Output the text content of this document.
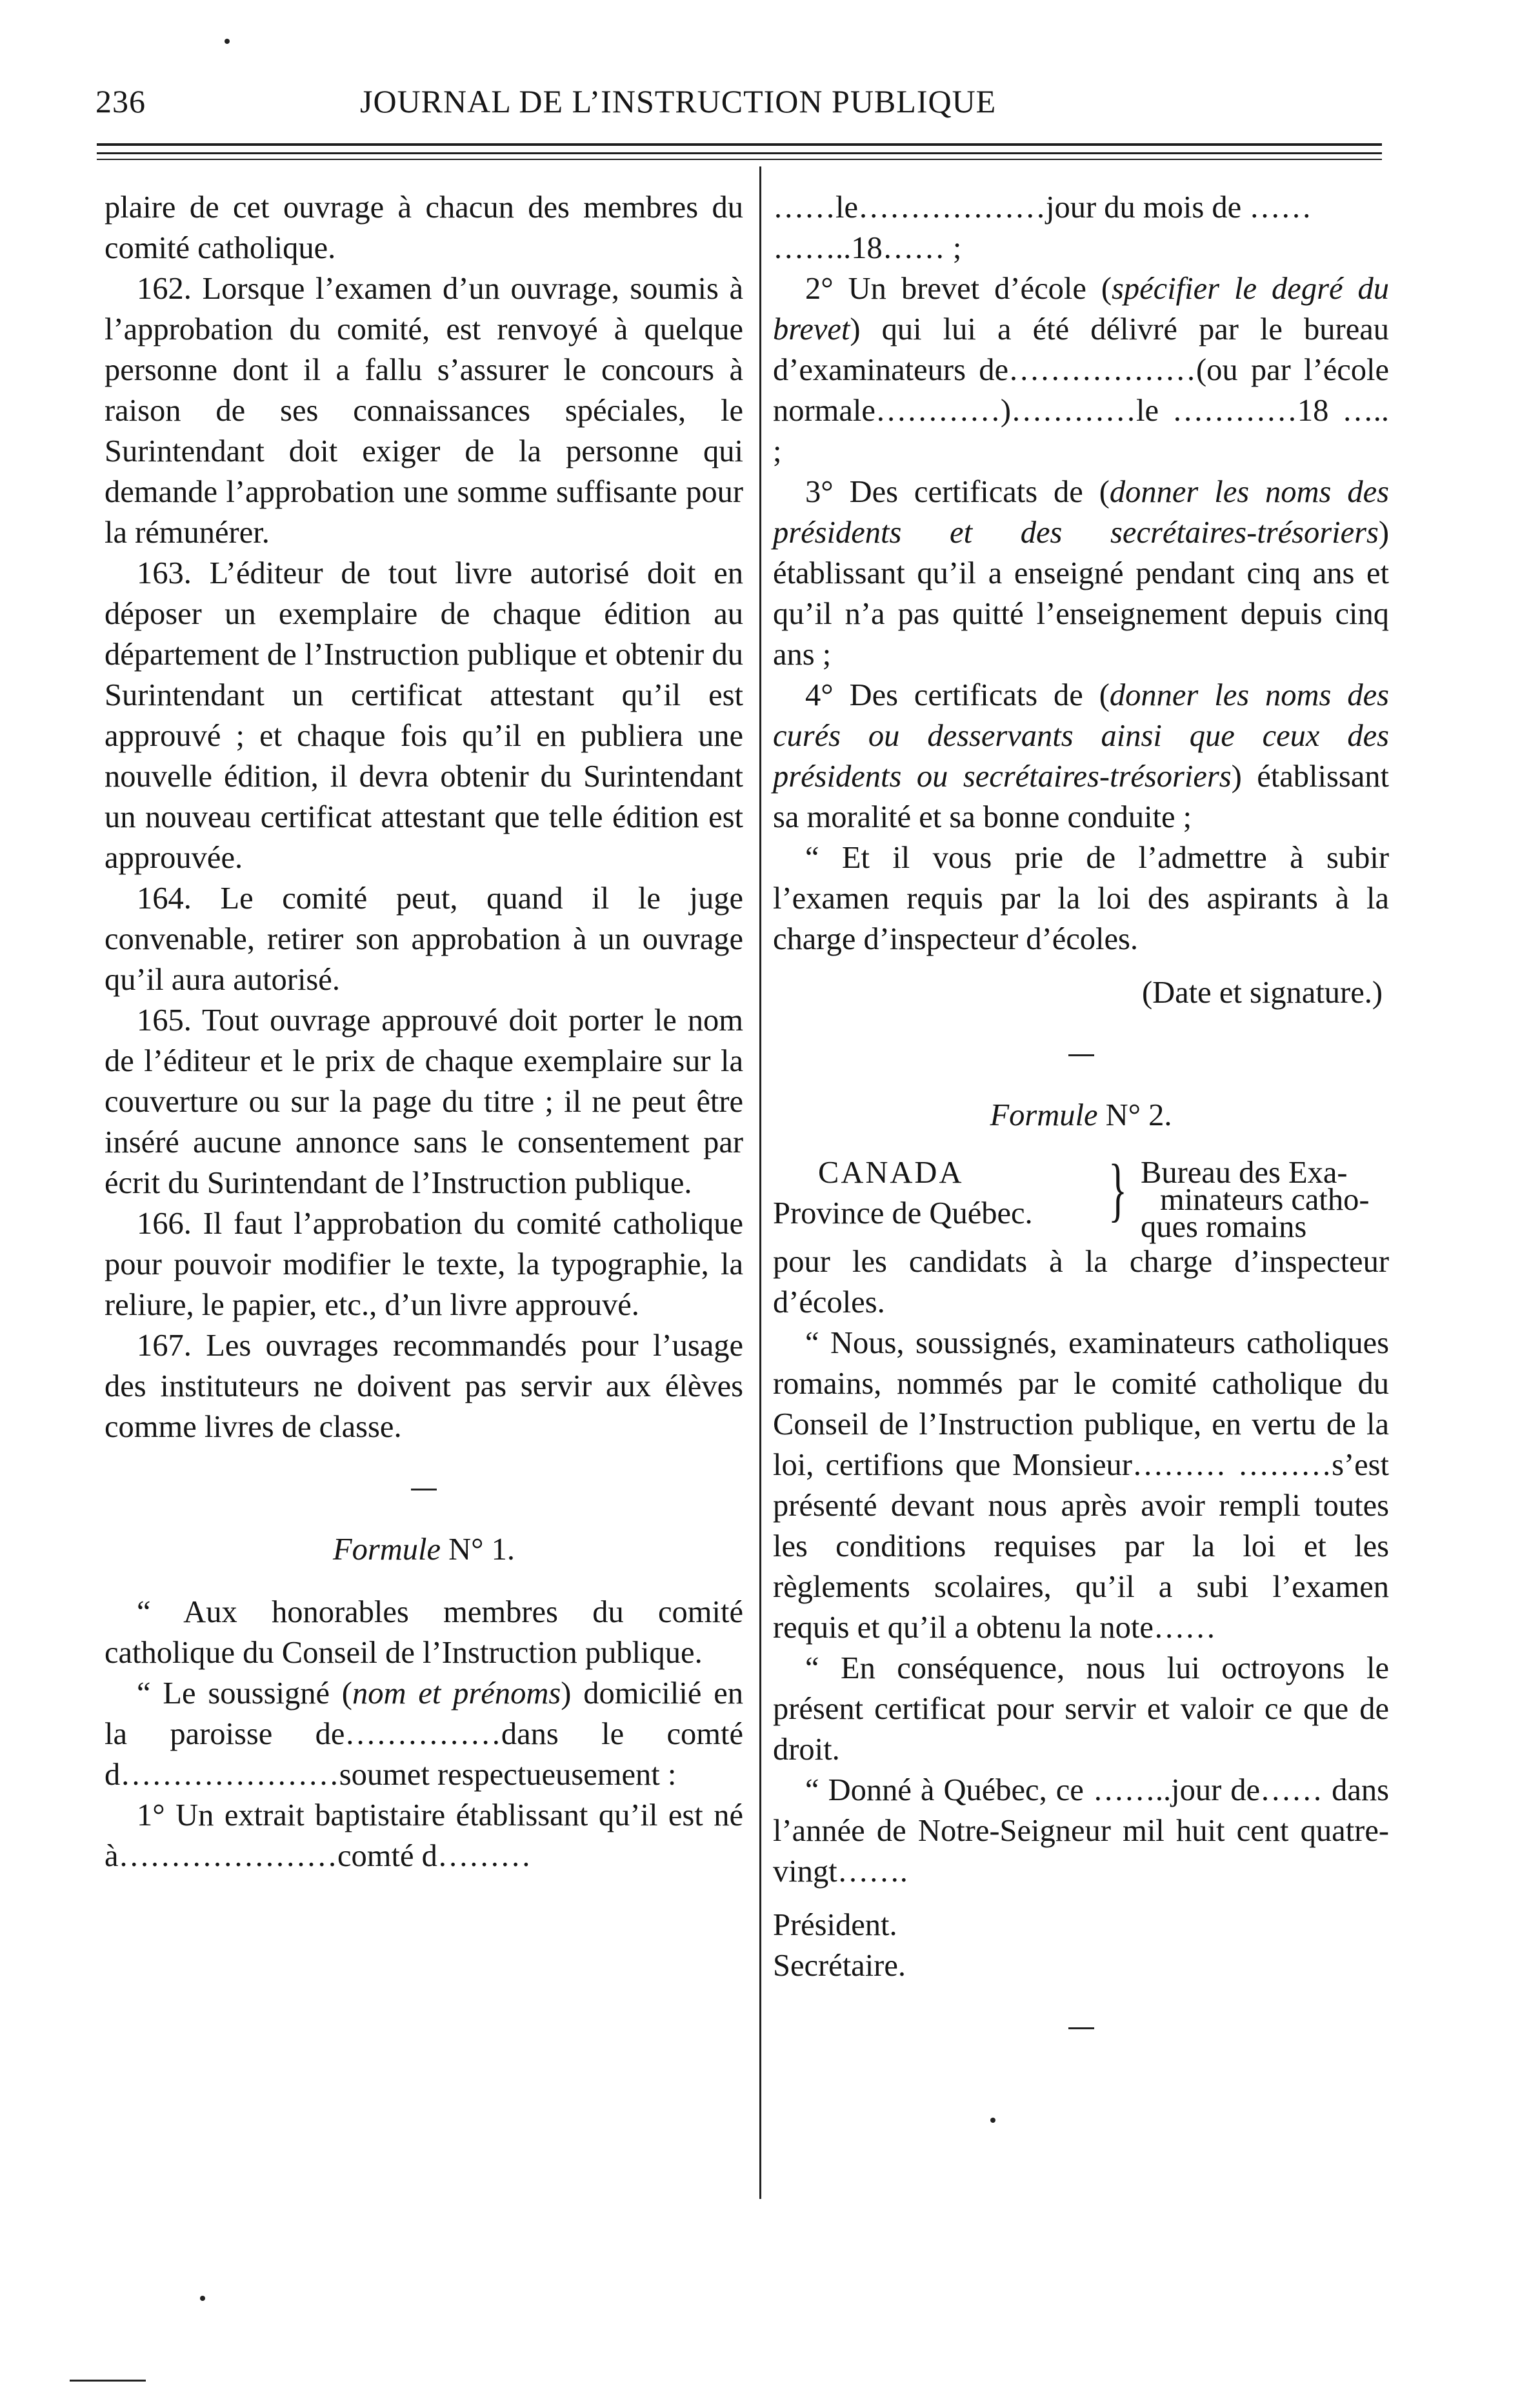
236	JOURNAL DE L’INSTRUCTION PUBLIQUE

plaire de cet ouvrage à chacun des membres du comité catholique.

162. Lorsque l’examen d’un ouvrage, soumis à l’approbation du comité, est renvoyé à quelque personne dont il a fallu s’assurer le concours à raison de ses connaissances spéciales, le Surintendant doit exiger de la personne qui demande l’approbation une somme suffisante pour la rémunérer.

163. L’éditeur de tout livre autorisé doit en déposer un exemplaire de chaque édition au département de l’Instruction publique et obtenir du Surintendant un certificat attestant qu’il est approuvé ; et chaque fois qu’il en publiera une nouvelle édition, il devra obtenir du Surintendant un nouveau certificat attestant que telle édition est approuvée.

164. Le comité peut, quand il le juge convenable, retirer son approbation à un ouvrage qu’il aura autorisé.

165. Tout ouvrage approuvé doit porter le nom de l’éditeur et le prix de chaque exemplaire sur la couverture ou sur la page du titre ; il ne peut être inséré aucune annonce sans le consentement par écrit du Surintendant de l’Instruction publique.

166. Il faut l’approbation du comité catholique pour pouvoir modifier le texte, la typographie, la reliure, le papier, etc., d’un livre approuvé.

167. Les ouvrages recommandés pour l’usage des instituteurs ne doivent pas servir aux élèves comme livres de classe.

Formule N° 1.

“ Aux honorables membres du comité catholique du Conseil de l’Instruction publique.

“ Le soussigné (nom et prénoms) domicilié en la paroisse de……………dans le comté d…………………soumet respectueusement :

1° Un extrait baptistaire établissant qu’il est né à…………………comté d………

……le………………jour du mois de ……

……..18…… ;

2° Un brevet d’école (spécifier le degré du brevet) qui lui a été délivré par le bureau d’examinateurs de………………(ou par l’école normale…………)…………le …………18 ….. ;

3° Des certificats de (donner les noms des présidents et des secrétaires-trésoriers) établissant qu’il a enseigné pendant cinq ans et qu’il n’a pas quitté l’enseignement depuis cinq ans ;

4° Des certificats de (donner les noms des curés ou desservants ainsi que ceux des présidents ou secrétaires-trésoriers) établissant sa moralité et sa bonne conduite ;

“ Et il vous prie de l’admettre à subir l’examen requis par la loi des aspirants à la charge d’inspecteur d’écoles.

(Date et signature.)

Formule N° 2.

CANADA
Province de Québec. } Bureau des Exa-
minateurs catho-
ques romains

pour les candidats à la charge d’inspecteur d’écoles.

“ Nous, soussignés, examinateurs catholiques romains, nommés par le comité catholique du Conseil de l’Instruction publique, en vertu de la loi, certifions que Monsieur……… ………s’est présenté devant nous après avoir rempli toutes les conditions requises par la loi et les règlements scolaires, qu’il a subi l’examen requis et qu’il a obtenu la note……

“ En conséquence, nous lui octroyons le présent certificat pour servir et valoir ce que de droit.

“ Donné à Québec, ce ……..jour de…… dans l’année de Notre-Seigneur mil huit cent quatre-vingt…….

Président.

Secrétaire.
